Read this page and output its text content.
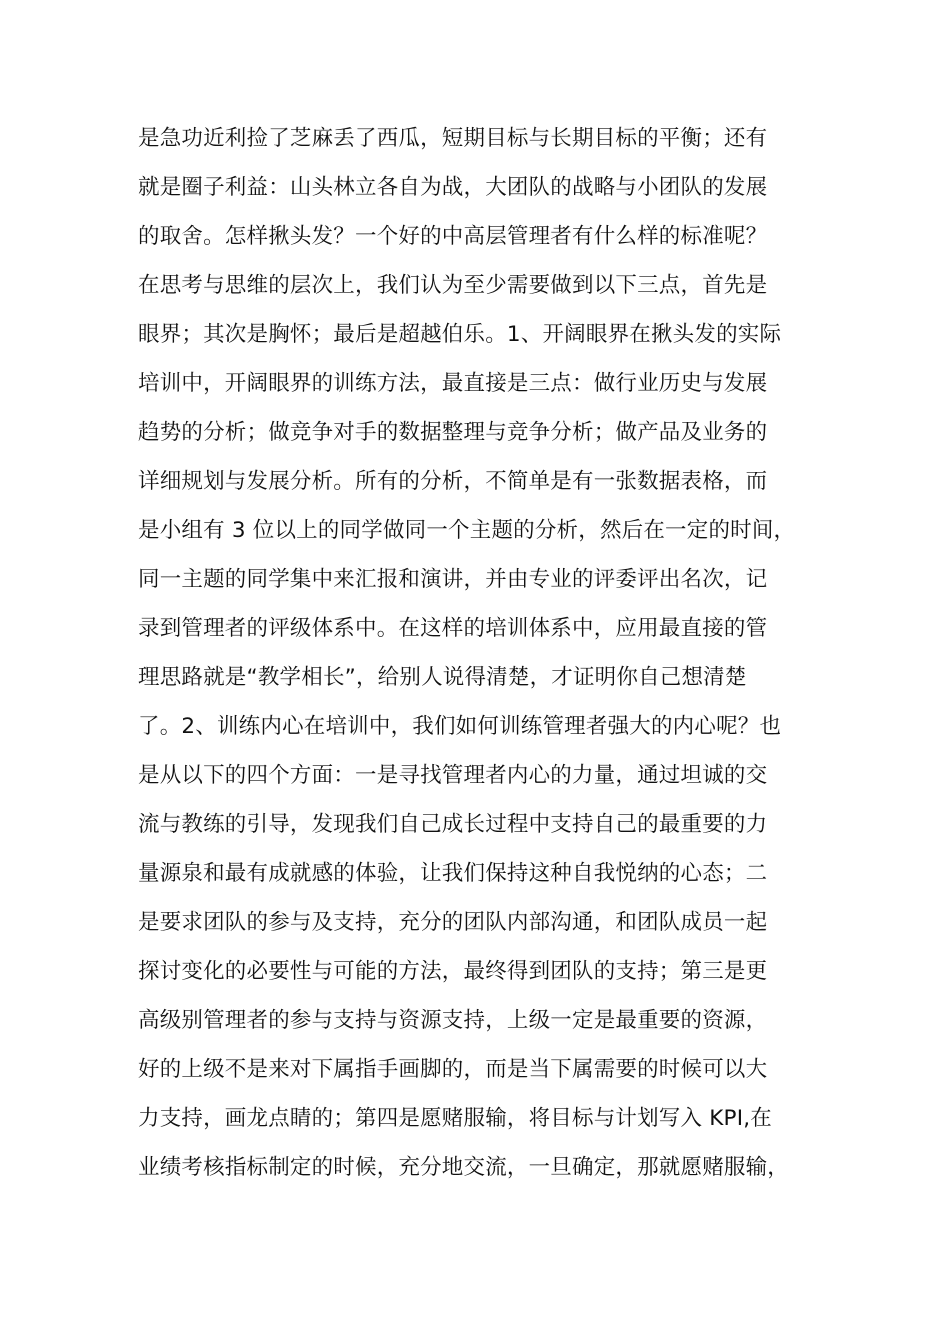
是急功近利捡了芝麻丢了西瓜，短期目标与长期目标的平衡；还有
就是圈子利益：山头林立各自为战，大团队的战略与小团队的发展
的取舍。怎样揪头发？一个好的中高层管理者有什么样的标准呢？
在思考与思维的层次上，我们认为至少需要做到以下三点，首先是
眼界；其次是胸怀；最后是超越伯乐。1、开阔眼界在揪头发的实际
培训中，开阔眼界的训练方法，最直接是三点：做行业历史与发展
趋势的分析；做竞争对手的数据整理与竞争分析；做产品及业务的
详细规划与发展分析。所有的分析，不简单是有一张数据表格，而
是小组有 3 位以上的同学做同一个主题的分析，然后在一定的时间，
同一主题的同学集中来汇报和演讲，并由专业的评委评出名次，记
录到管理者的评级体系中。在这样的培训体系中，应用最直接的管
理思路就是“教学相长”，给别人说得清楚，才证明你自己想清楚
了。2、训练内心在培训中，我们如何训练管理者强大的内心呢？也
是从以下的四个方面：一是寻找管理者内心的力量，通过坦诚的交
流与教练的引导，发现我们自己成长过程中支持自己的最重要的力
量源泉和最有成就感的体验，让我们保持这种自我悦纳的心态；二
是要求团队的参与及支持，充分的团队内部沟通，和团队成员一起
探讨变化的必要性与可能的方法，最终得到团队的支持；第三是更
高级别管理者的参与支持与资源支持，上级一定是最重要的资源，
好的上级不是来对下属指手画脚的，而是当下属需要的时候可以大
力支持，画龙点睛的；第四是愿赌服输，将目标与计划写入 KPI,在
业绩考核指标制定的时候，充分地交流，一旦确定，那就愿赌服输，
